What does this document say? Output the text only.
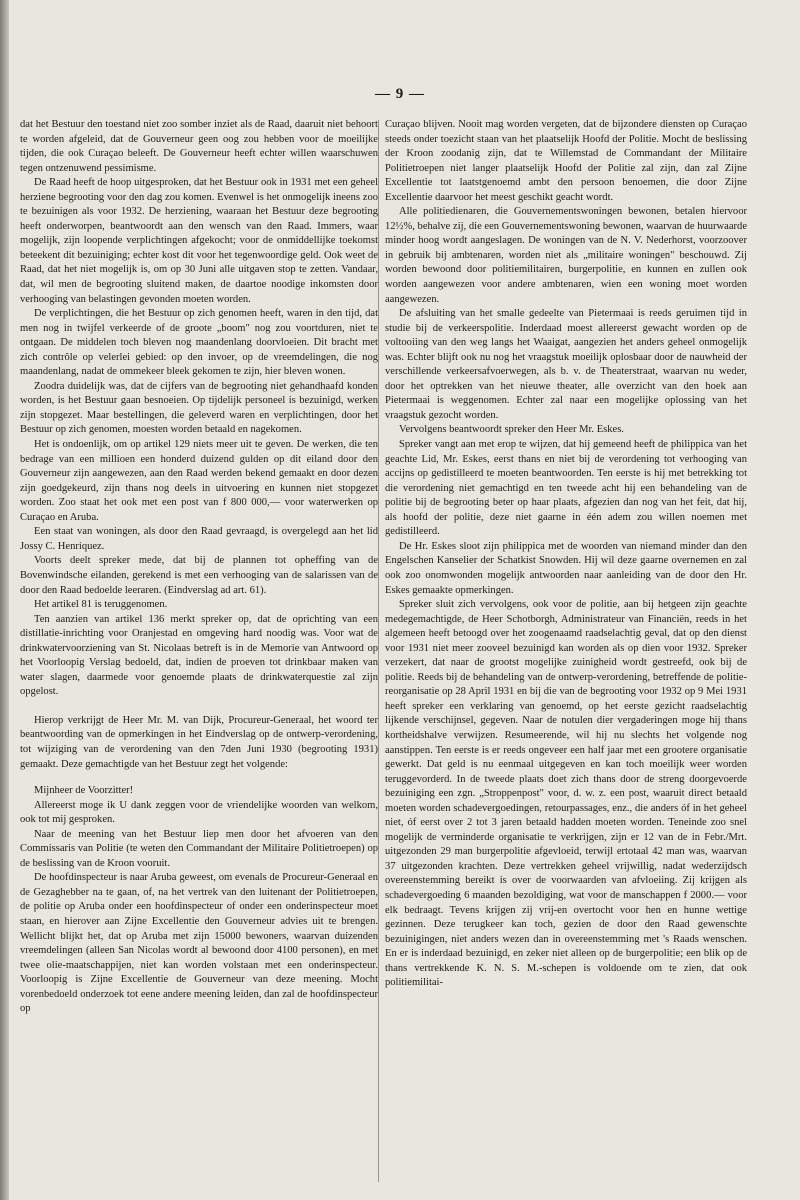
— 9 —

dat het Bestuur den toestand niet zoo somber inziet als de Raad, daaruit niet behoort te worden afgeleid, dat de Gouverneur geen oog zou hebben voor de moeilijke tijden, die ook Curaçao beleeft. De Gouverneur heeft echter willen waarschuwen tegen ontzenuwend pessimisme.

De Raad heeft de hoop uitgesproken, dat het Bestuur ook in 1931 met een geheel herziene begrooting voor den dag zou komen. Evenwel is het onmogelijk ineens zoo te bezuinigen als voor 1932. De herziening, waaraan het Bestuur deze begrooting heeft onderworpen, beantwoordt aan den wensch van den Raad. Immers, waar mogelijk, zijn loopende verplichtingen afgekocht; voor de onmiddellijke toekomst beteekent dit bezuiniging; echter kost dit voor het tegenwoordige geld. Ook weet de Raad, dat het niet mogelijk is, om op 30 Juni alle uitgaven stop te zetten. Vandaar, dat, wil men de begrooting sluitend maken, de daartoe noodige inkomsten door verhooging van belastingen gevonden moeten worden.

De verplichtingen, die het Bestuur op zich genomen heeft, waren in den tijd, dat men nog in twijfel verkeerde of de groote „boom" nog zou voortduren, niet te ontgaan. De middelen toch bleven nog maandenlang doorvloeien. Dit bracht met zich contrôle op velerlei gebied: op den invoer, op de vreemdelingen, die nog maandenlang, nadat de ommekeer bleek gekomen te zijn, hier bleven wonen.

Zoodra duidelijk was, dat de cijfers van de begrooting niet gehandhaafd konden worden, is het Bestuur gaan besnoeien. Op tijdelijk personeel is bezuinigd, werken zijn stopgezet. Maar bestellingen, die geleverd waren en verplichtingen, door het Bestuur op zich genomen, moesten worden betaald en nagekomen.

Het is ondoenlijk, om op artikel 129 niets meer uit te geven. De werken, die ten bedrage van een millioen een honderd duizend gulden op dit eiland door den Gouverneur zijn aangewezen, aan den Raad werden bekend gemaakt en door dezen zijn goedgekeurd, zijn thans nog deels in uitvoering en kunnen niet stopgezet worden. Zoo staat het ook met een post van f 800 000,— voor waterwerken op Curaçao en Aruba.

Een staat van woningen, als door den Raad gevraagd, is overgelegd aan het lid Jossy C. Henriquez.

Voorts deelt spreker mede, dat bij de plannen tot opheffing van de Bovenwindsche eilanden, gerekend is met een verhooging van de salarissen van de door den Raad bedoelde leeraren. (Eindverslag ad art. 61).

Het artikel 81 is teruggenomen.

Ten aanzien van artikel 136 merkt spreker op, dat de oprichting van een distillatie-inrichting voor Oranjestad en omgeving hard noodig was. Voor wat de drinkwatervoorziening van St. Nicolaas betreft is in de Memorie van Antwoord op het Voorloopig Verslag bedoeld, dat, indien de proeven tot drinkbaar maken van water slagen, daarmede voor genoemde plaats de drinkwaterquestie zal zijn opgelost.

Hierop verkrijgt de Heer Mr. M. van Dijk, Procureur-Generaal, het woord ter beantwoording van de opmerkingen in het Eindverslag op de ontwerp-verordening, tot wijziging van de verordening van den 7den Juni 1930 (begrooting 1931) gemaakt. Deze gemachtigde van het Bestuur zegt het volgende:

Mijnheer de Voorzitter!

Allereerst moge ik U dank zeggen voor de vriendelijke woorden van welkom, ook tot mij gesproken.

Naar de meening van het Bestuur liep men door het afvoeren van den Commissaris van Politie (te weten den Commandant der Militaire Politietroepen) op de beslissing van de Kroon vooruit.

De hoofdinspecteur is naar Aruba geweest, om evenals de Procureur-Generaal en de Gezaghebber na te gaan, of, na het vertrek van den luitenant der Politietroepen, de politie op Aruba onder een hoofdinspecteur of onder een onderinspecteur moet staan, en hierover aan Zijne Excellentie den Gouverneur advies uit te brengen. Wellicht blijkt het, dat op Aruba met zijn 15000 bewoners, waarvan duizenden vreemdelingen (alleen San Nicolas wordt al bewoond door 4100 personen), en met twee olie-maatschappijen, niet kan worden volstaan met een onderinspecteur. Voorloopig is Zijne Excellentie de Gouverneur van deze meening. Mocht vorenbedoeld onderzoek tot eene andere meening leiden, dan zal de hoofdinspecteur op

Curaçao blijven. Nooit mag worden vergeten, dat de bijzondere diensten op Curaçao steeds onder toezicht staan van het plaatselijk Hoofd der Politie. Mocht de beslissing der Kroon zoodanig zijn, dat te Willemstad de Commandant der Militaire Politietroepen niet langer plaatselijk Hoofd der Politie zal zijn, dan zal Zijne Excellentie tot laatstgenoemd ambt den persoon benoemen, die door Zijne Excellentie daarvoor het meest geschikt geacht wordt.

Alle politiedienaren, die Gouvernementswoningen bewonen, betalen hiervoor 12½%, behalve zij, die een Gouvernementswoning bewonen, waarvan de huurwaarde minder hoog wordt aangeslagen. De woningen van de N. V. Nederhorst, voorzoover in gebruik bij ambtenaren, worden niet als „militaire woningen" beschouwd. Zij worden bewoond door politiemilitairen, burgerpolitie, en kunnen en zullen ook worden aangewezen voor andere ambtenaren, wien een woning moet worden aangewezen.

De afsluiting van het smalle gedeelte van Pietermaai is reeds geruimen tijd in studie bij de verkeerspolitie. Inderdaad moest allereerst gewacht worden op de voltooiing van den weg langs het Waaigat, aangezien het anders geheel onmogelijk was. Echter blijft ook nu nog het vraagstuk moeilijk oplosbaar door de nauwheid der verschillende verkeersafvoerwegen, als b. v. de Theaterstraat, waarvan nu weder, door het optrekken van het nieuwe theater, alle overzicht van den hoek aan Pietermaai is weggenomen. Echter zal naar een mogelijke oplossing van het vraagstuk gezocht worden.

Vervolgens beantwoordt spreker den Heer Mr. Eskes.

Spreker vangt aan met erop te wijzen, dat hij gemeend heeft de philippica van het geachte Lid, Mr. Eskes, eerst thans en niet bij de verordening tot verhooging van accijns op gedistilleerd te moeten beantwoorden. Ten eerste is hij met betrekking tot die verordening niet gemachtigd en ten tweede acht hij een behandeling van de politie bij de begrooting beter op haar plaats, afgezien dan nog van het feit, dat hij, als hoofd der politie, deze niet gaarne in één adem zou willen noemen met gedistilleerd.

De Hr. Eskes sloot zijn philippica met de woorden van niemand minder dan den Engelschen Kanselier der Schatkist Snowden. Hij wil deze gaarne overnemen en zal ook zoo onomwonden mogelijk antwoorden naar aanleiding van de door den Hr. Eskes gemaakte opmerkingen.

Spreker sluit zich vervolgens, ook voor de politie, aan bij hetgeen zijn geachte medegemachtigde, de Heer Schotborgh, Administrateur van Financiën, reeds in het algemeen heeft betoogd over het zoogenaamd raadselachtig geval, dat op den dienst voor 1931 niet meer zooveel bezuinigd kan worden als op dien voor 1932. Spreker verzekert, dat naar de grootst mogelijke zuinigheid wordt gestreefd, ook bij de politie. Reeds bij de behandeling van de ontwerp-verordening, betreffende de politie-reorganisatie op 28 April 1931 en bij die van de begrooting voor 1932 op 9 Mei 1931 heeft spreker een verklaring van genoemd, op het eerste gezicht raadselachtig lijkende verschijnsel, gegeven. Naar de notulen dier vergaderingen moge hij thans kortheidshalve verwijzen. Resumeerende, wil hij nu slechts het volgende nog aanstippen. Ten eerste is er reeds ongeveer een half jaar met een grootere organisatie gewerkt. Dat geld is nu eenmaal uitgegeven en kan toch moeilijk weer worden teruggevorderd. In de tweede plaats doet zich thans door de streng doorgevoerde bezuiniging een zgn. „Stroppenpost" voor, d. w. z. een post, waaruit direct betaald moeten worden schadevergoedingen, retourpassages, enz., die anders óf in het geheel niet, óf eerst over 2 tot 3 jaren betaald hadden moeten worden. Teneinde zoo snel mogelijk de verminderde organisatie te verkrijgen, zijn er 12 van de in Febr./Mrt. uitgezonden 29 man burgerpolitie afgevloeid, terwijl ertotaal 42 man was, waarvan 37 uitgezonden krachten. Deze vertrekken geheel vrijwillig, nadat wederzijdsch overeenstemming bereikt is over de voorwaarden van afvloeiing. Zij krijgen als schadevergoeding 6 maanden bezoldiging, wat voor de manschappen f 2000.— voor elk bedraagt. Tevens krijgen zij vrij-en overtocht voor hen en hunne wettige gezinnen. Deze terugkeer kan toch, gezien de door den Raad gewenschte bezuinigingen, niet anders wezen dan in overeenstemming met 's Raads wenschen. En er is inderdaad bezuinigd, en zeker niet alleen op de burgerpolitie; een blik op de thans vertrekkende K. N. S. M.-schepen is voldoende om te zien, dat ook politiemilitai-
